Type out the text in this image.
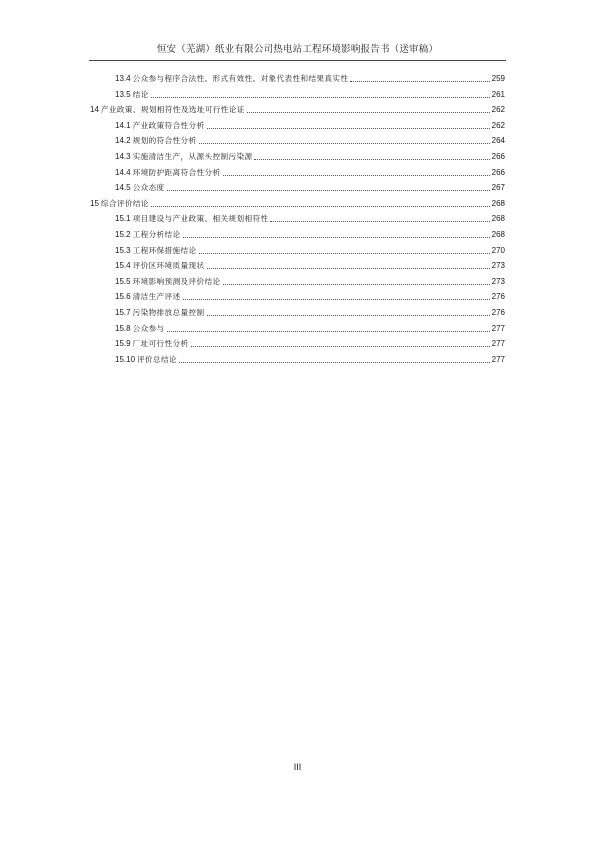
恒安（芜湖）纸业有限公司热电站工程环境影响报告书（送审稿）
13.4 公众参与程序合法性、形式有效性、对象代表性和结果真实性	259
13.5 结论	261
14 产业政策、规划相符性及选址可行性论证	262
14.1 产业政策符合性分析	262
14.2 规划的符合性分析	264
14.3 实施清洁生产，从源头控制污染源	266
14.4 环境防护距离符合性分析	266
14.5 公众态度	267
15 综合评价结论	268
15.1 项目建设与产业政策、相关规划相符性	268
15.2 工程分析结论	268
15.3 工程环保措施结论	270
15.4 评价区环境质量现状	273
15.5 环境影响预测及评价结论	273
15.6 清洁生产评述	276
15.7 污染物排放总量控制	276
15.8 公众参与	277
15.9 厂址可行性分析	277
15.10 评价总结论	277
III
